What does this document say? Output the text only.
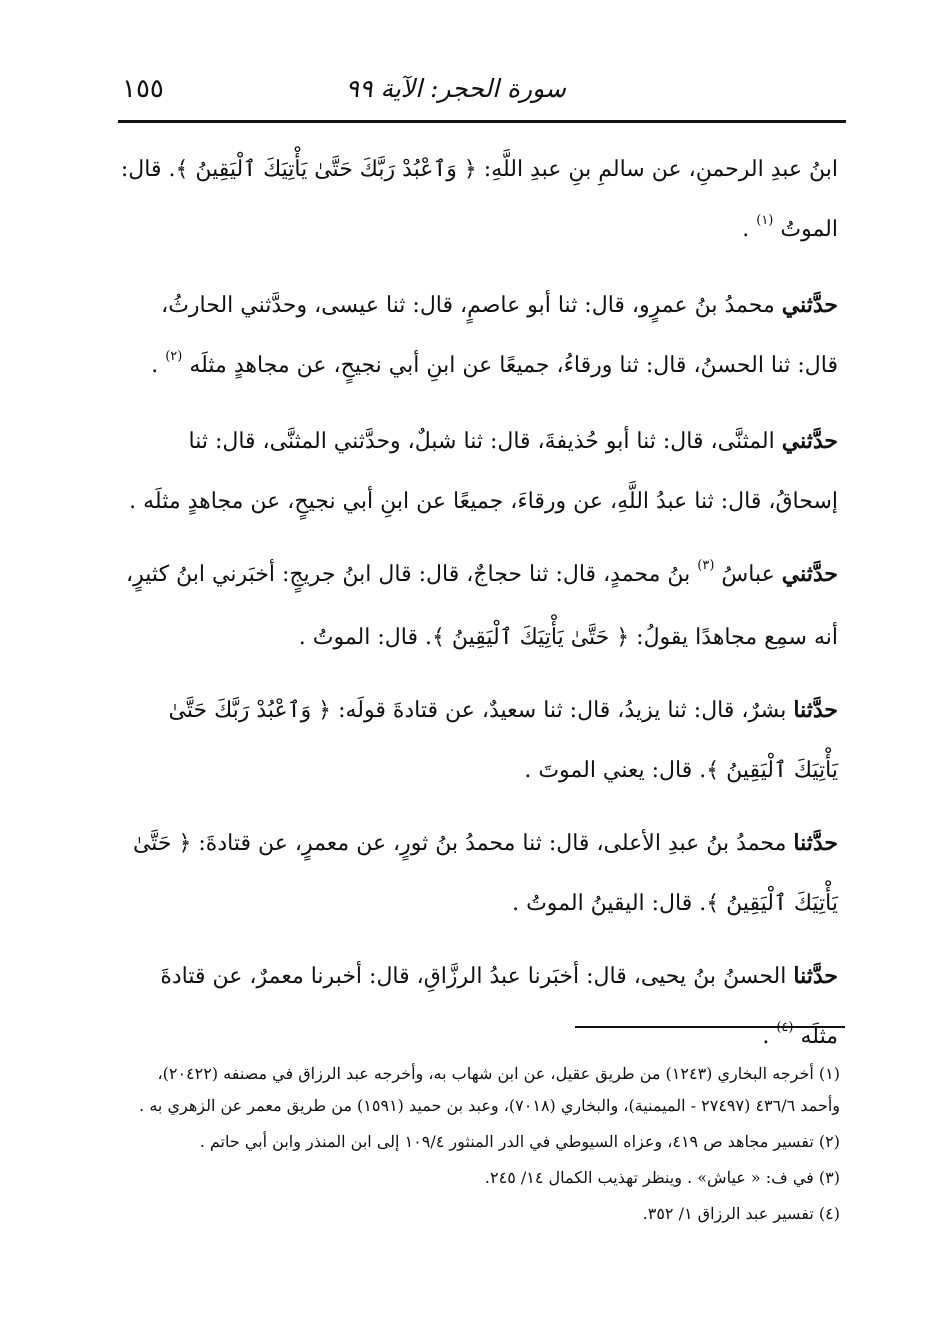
١٥٥	سورة الحجر: الآية ٩٩

ابنُ عبدِ الرحمنِ، عن سالمِ بنِ عبدِ اللَّهِ: ﴿ وَٱعْبُدْ رَبَّكَ حَتَّىٰ يَأْتِيَكَ ٱلْيَقِينُ ﴾. قال: الموتُ $^{(١)}$ .

حدَّثني محمدُ بنُ عمرٍو، قال: ثنا أبو عاصمٍ، قال: ثنا عيسى، وحدَّثني الحارثُ، قال: ثنا الحسنُ، قال: ثنا ورقاءُ، جميعًا عن ابنِ أبي نجيحٍ، عن مجاهدٍ مثلَه $^{(٢)}$ .

حدَّثني المثنَّى، قال: ثنا أبو حُذيفةَ، قال: ثنا شبلٌ، وحدَّثني المثنَّى، قال: ثنا إسحاقُ، قال: ثنا عبدُ اللَّهِ، عن ورقاءَ، جميعًا عن ابنِ أبي نجيحٍ، عن مجاهدٍ مثلَه .

حدَّثني عباسُ $^{(٣)}$ بنُ محمدٍ، قال: ثنا حجاجٌ، قال: قال ابنُ جريجٍ: أخبَرني ابنُ كثيرٍ، أنه سمِع مجاهدًا يقولُ: ﴿ حَتَّىٰ يَأْتِيَكَ ٱلْيَقِينُ ﴾. قال: الموتُ .

حدَّثنا بشرٌ، قال: ثنا يزيدُ، قال: ثنا سعيدٌ، عن قتادةَ قولَه: ﴿ وَٱعْبُدْ رَبَّكَ حَتَّىٰ يَأْتِيَكَ ٱلْيَقِينُ ﴾. قال: يعني الموتَ .

حدَّثنا محمدُ بنُ عبدِ الأعلى، قال: ثنا محمدُ بنُ ثورٍ، عن معمرٍ، عن قتادةَ: ﴿ حَتَّىٰ يَأْتِيَكَ ٱلْيَقِينُ ﴾. قال: اليقينُ الموتُ .

حدَّثنا الحسنُ بنُ يحيى، قال: أخبَرنا عبدُ الرزَّاقِ، قال: أخبرنا معمرٌ، عن قتادةَ مثلَه $^{(٤)}$ .

(١) أخرجه البخاري (١٢٤٣) من طريق عقيل، عن ابن شهاب به، وأخرجه عبد الرزاق في مصنفه (٢٠٤٢٢)، وأحمد ٤٣٦/٦ (٢٧٤٩٧ - الميمنية)، والبخاري (٧٠١٨)، وعبد بن حميد (١٥٩١) من طريق معمر عن الزهري به .

(٢) تفسير مجاهد ص ٤١٩، وعزاه السيوطي في الدر المنثور ١٠٩/٤ إلى ابن المنذر وابن أبي حاتم .

(٣) في ف: « عياش» . وينظر تهذيب الكمال ١٤/ ٢٤٥.

(٤) تفسير عبد الرزاق ١/ ٣٥٢.
